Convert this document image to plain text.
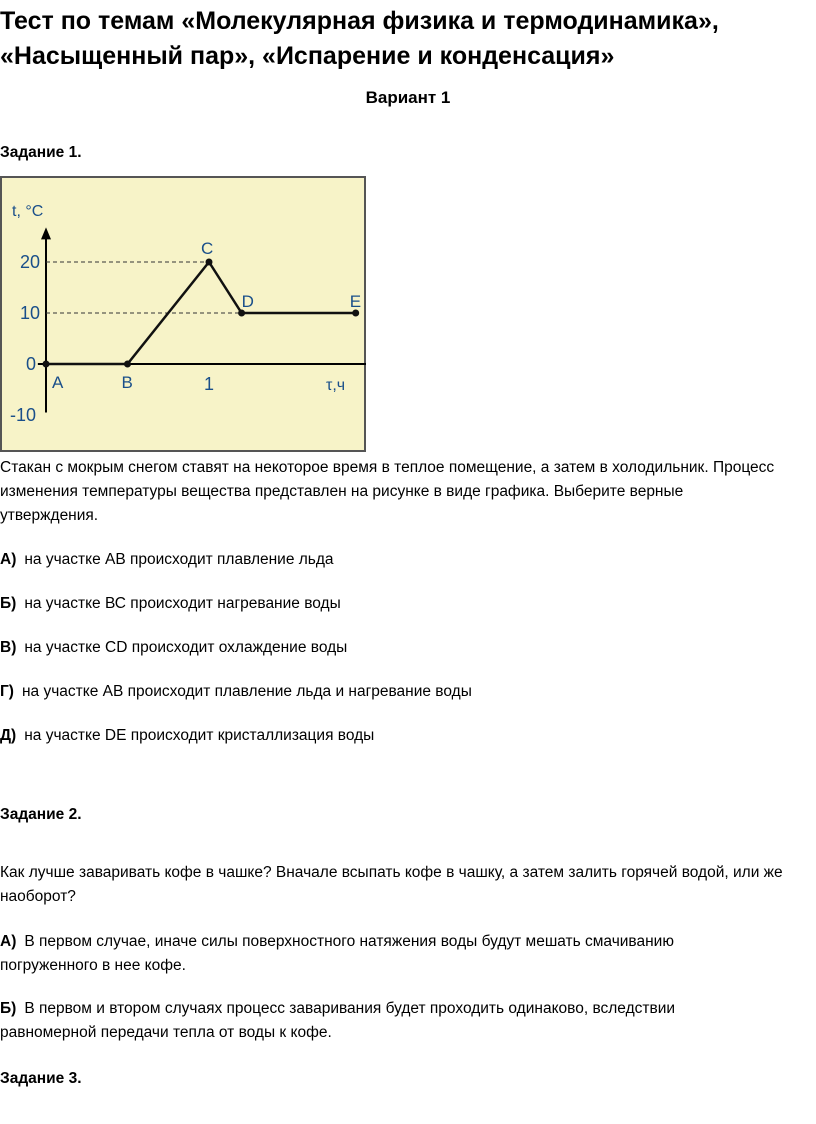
Тест по темам «Молекулярная физика и термодинамика»,
«Насыщенный пар», «Испарение и конденсация»
Вариант 1
Задание 1.
t, °C
τ,ч
20
10
0
-10
1
A	B
C
D	E
Стакан с мокрым снегом ставят на некоторое время в теплое помещение, а затем в холодильник. Процесс
изменения температуры вещества представлен на рисунке в виде графика. Выберите верные
утверждения.
А) на участке АВ происходит плавление льда
Б) на участке ВС происходит нагревание воды
В) на участке CD происходит охлаждение воды
Г) на участке АВ происходит плавление льда и нагревание воды
Д) на участке DE происходит кристаллизация воды
Задание 2.
Как лучше заваривать кофе в чашке? Вначале всыпать кофе в чашку, а затем залить горячей водой, или же
наоборот?
А) В первом случае, иначе силы поверхностного натяжения воды будут мешать смачиванию
погруженного в нее кофе.
Б) В первом и втором случаях процесс заваривания будет проходить одинаково, вследствии
равномерной передачи тепла от воды к кофе.
Задание 3.
